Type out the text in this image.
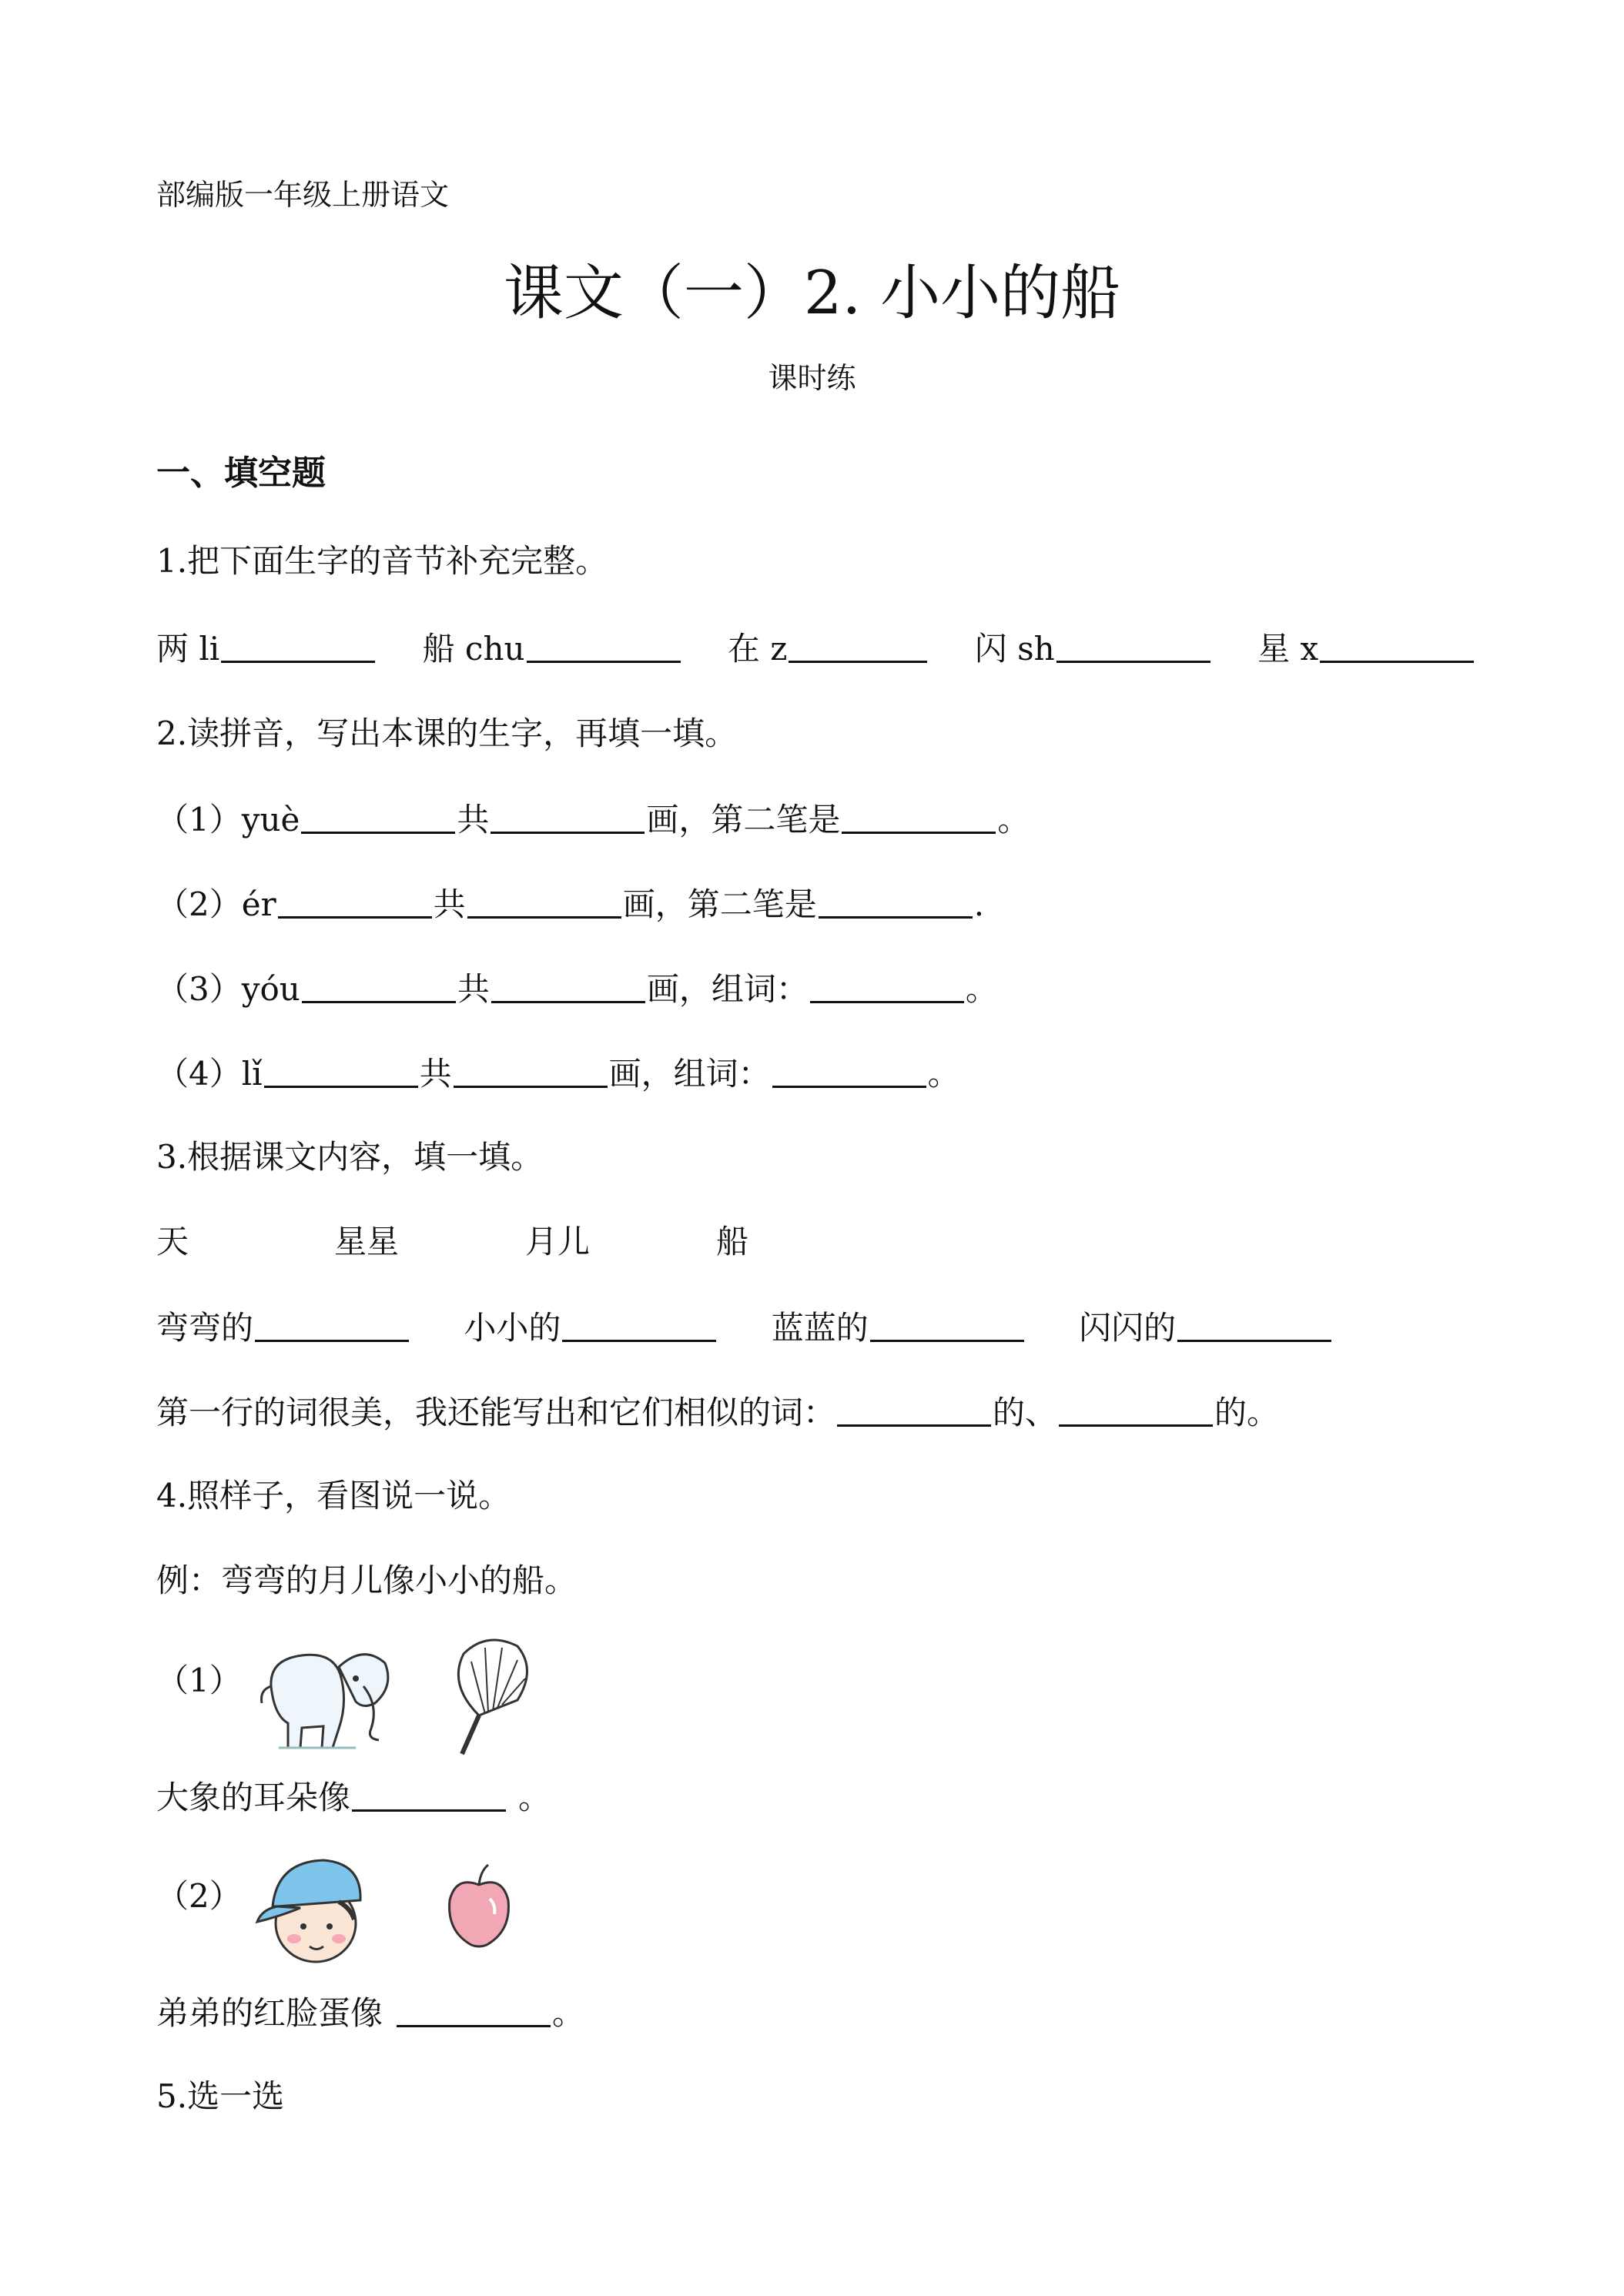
部编版一年级上册语文
课文（一）2. 小小的船
课时练
一、填空题
1.把下面生字的音节补充完整。
两 li	船 chu	在 z	闪 sh	星 x
2.读拼音，写出本课的生字，再填一填。
（1）yuè	共	画，第二笔是	。
（2）ér	共	画，第二笔是	.
（3）yóu	共	画，组词：	。
（4）lǐ	共	画，组词：	。
3.根据课文内容，填一填。
天	星星	月儿	船
弯弯的	小小的	蓝蓝的	闪闪的
第一行的词很美，我还能写出和它们相似的词：	的、	的。
4.照样子，看图说一说。
例：弯弯的月儿像小小的船。
（1）
大象的耳朵像	。
（2）
弟弟的红脸蛋像	。
5.选一选
